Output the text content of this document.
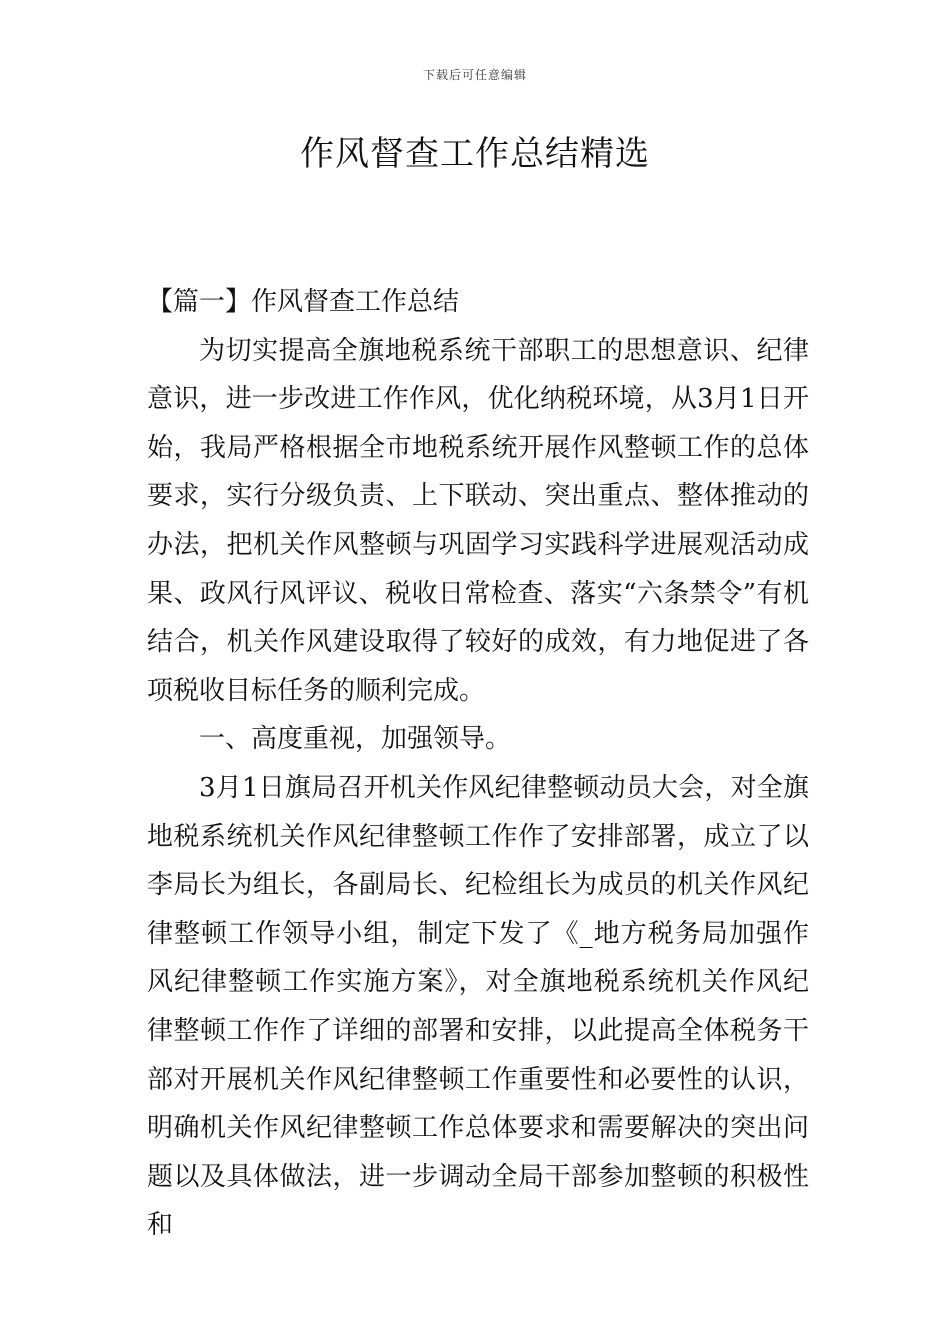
下载后可任意编辑
作风督查工作总结精选

【篇一】作风督查工作总结

为切实提高全旗地税系统干部职工的思想意识、纪律意识，进一步改进工作作风，优化纳税环境，从3月1日开始，我局严格根据全市地税系统开展作风整顿工作的总体要求，实行分级负责、上下联动、突出重点、整体推动的办法，把机关作风整顿与巩固学习实践科学进展观活动成果、政风行风评议、税收日常检查、落实“六条禁令”有机结合，机关作风建设取得了较好的成效，有力地促进了各项税收目标任务的顺利完成。

一、高度重视，加强领导。

3月1日旗局召开机关作风纪律整顿动员大会，对全旗地税系统机关作风纪律整顿工作作了安排部署，成立了以李局长为组长，各副局长、纪检组长为成员的机关作风纪律整顿工作领导小组，制定下发了《_地方税务局加强作风纪律整顿工作实施方案》，对全旗地税系统机关作风纪律整顿工作作了详细的部署和安排，以此提高全体税务干部对开展机关作风纪律整顿工作重要性和必要性的认识，明确机关作风纪律整顿工作总体要求和需要解决的突出问题以及具体做法，进一步调动全局干部参加整顿的积极性和
